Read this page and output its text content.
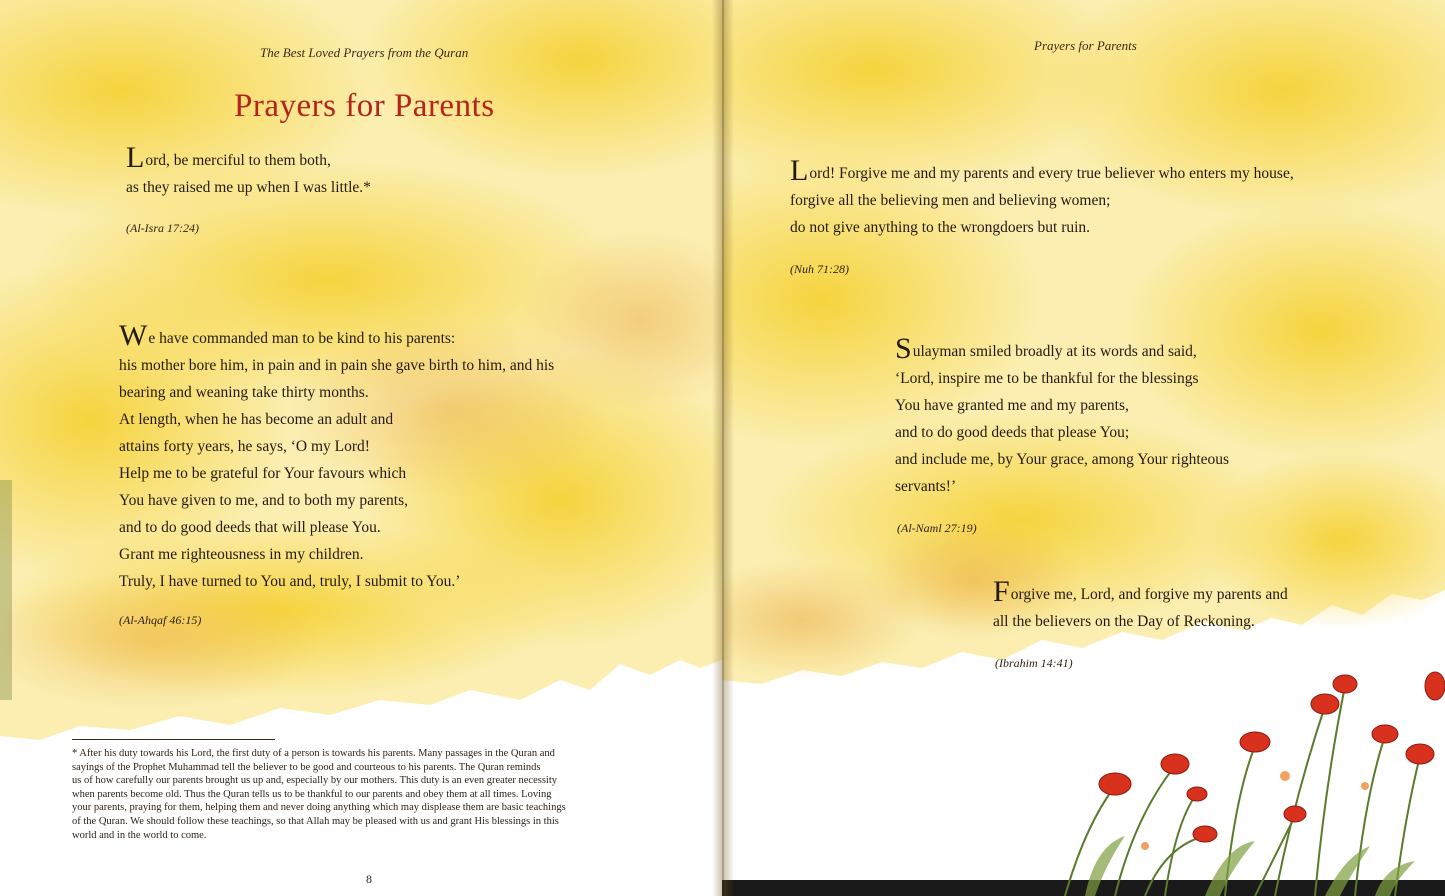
The Best Loved Prayers from the Quran
Prayers for Parents

Lord, be merciful to them both,
as they raised me up when I was little.*

(Al-Isra 17:24)

We have commanded man to be kind to his parents:
his mother bore him, in pain and in pain she gave birth to him, and his
bearing and weaning take thirty months.
At length, when he has become an adult and
attains forty years, he says, ‘O my Lord!
Help me to be grateful for Your favours which
You have given to me, and to both my parents,
and to do good deeds that will please You.
Grant me righteousness in my children.
Truly, I have turned to You and, truly, I submit to You.’

(Al-Ahqaf 46:15)

* After his duty towards his Lord, the first duty of a person is towards his parents. Many passages in the Quran and
sayings of the Prophet Muhammad tell the believer to be good and courteous to his parents. The Quran reminds
us of how carefully our parents brought us up and, especially by our mothers. This duty is an even greater necessity
when parents become old. Thus the Quran tells us to be thankful to our parents and obey them at all times. Loving
your parents, praying for them, helping them and never doing anything which may displease them are basic teachings
of the Quran. We should follow these teachings, so that Allah may be pleased with us and grant His blessings in this
world and in the world to come.

8
Prayers for Parents

Lord! Forgive me and my parents and every true believer who enters my house,
forgive all the believing men and believing women;
do not give anything to the wrongdoers but ruin.

(Nuh 71:28)

Sulayman smiled broadly at its words and said,
‘Lord, inspire me to be thankful for the blessings
You have granted me and my parents,
and to do good deeds that please You;
and include me, by Your grace, among Your righteous
servants!’

(Al-Naml 27:19)

Forgive me, Lord, and forgive my parents and
all the believers on the Day of Reckoning.

(Ibrahim 14:41)
